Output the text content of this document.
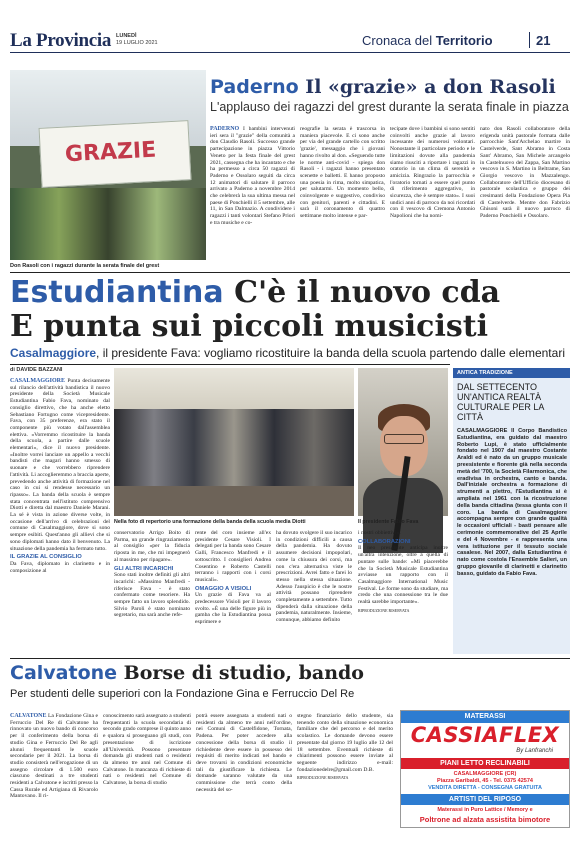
La Provincia LUNEDÌ
19 LUGLIO 2021	Cronaca del Territorio	21
GRAZIE
Don Rasoli con i ragazzi durante la serata finale del grest
Paderno Il «grazie» a don Rasoli
L'applauso dei ragazzi del grest durante la serata finale in piazza
PADERNO I bambini intervenuti ieri sera il "grazie" della comunità a don Claudio Rasoli. Successo grande partecipazione in piazza Vittorio Veneto per la festa finale del grest 2021, cassegna che ha incantato e che ha permesso a circa 50 ragazzi di Paderno e Ossolaro seguiti da circa 12 animatori di salutare il parroco arrivato a Paderno a novembre 2014 che celebrerà la sua ultima messa nel paese di Ponchielli il 5 settembre, alle 11, in San Dalmazio. A condividere i ragazzi i tanti volontari Stefano Priori e tra musiche e co-
reografie la serata è trascorsa in maniera piacevole. E ci sono anche per via del grande cartello con scritto 'grazie', messaggio che i giovani hanno rivolto al don. «Seguendo tutte le norme anti-covid - spiega don Rasoli - i ragazzi hanno presentato scenette e balletti. E hanno proposto una poesia in rima, molto simpatica, per salutarmi. Un momento bello, coinvolgente e suggestivo, condiviso con genitori, parenti e cittadini. E sarà il coronamento di quattro settimane molto intense e par-
tecipate dove i bambini si sono sentiti coinvolti anche grazie al lavoro incessante dei numerosi volontari. Nonostante il particolare periodo e le limitazioni dovute alla pandemia siamo riusciti a riportare i ragazzi in oratorio in un clima di serenità e amicizia. Ringrazio la parrocchia e l'oratorio tornati a essere quel punto di riferimento aggregativo, in sicurezza, che è sempre stato». I suoi undici anni di parroco da noi ricordati con il vescovo di Cremona Antonio Napolioni che ha nomi-
nato don Rasoli collaboratore della erigenda unità pastorale formata dalle parrocchie Sant'Archelao martire in Castelverde, Sant Abramo in Costa Sant' Abramo, San Michele arcangelo in Castelnuovo del Zappa, San Martino vescovo in S. Martino in Beltrame, San Giorgio vescovo in Mazzalengo. Collaboratore dell'Ufficio diocesano di pastorale scolastica e gruppo dei cresimanti della Fondazione Opera Pia di Castelverde. Mentre don Fabrizio Ghisoni sarà il nuovo parroco di Paderno Ponchielli e Ossolaro.
Estudiantina C'è il nuovo cda
E punta sui piccoli musicisti
Casalmaggiore, il presidente Fava: vogliamo ricostituire la banda della scuola partendo dalle elementari
di DAVIDE BAZZANI
CASALMAGGIORE Punta decisamente sul rilancio dell'attività bandistica il nuovo presidente della Società Musicale Estudiantina Fabio Fava, nominato dal consiglio direttivo, che ha anche eletto Sebastiano Fortugno come vicepresidente. Fava, con 35 preferenze, era stato il componente più votato dall'assemblea elettiva. «Vorremmo ricostituire la banda della scuola, a partire dalle scuole elementari», dice il nuovo presidente. «Inoltre vorrei lanciare un appello a vecchi bandisti che magari hanno smesso di suonare e che vorrebbero riprendere l'attività. Li accoglieremmo a braccia aperte, prevedendo anche attività di formazione nel caso in cui si rendesse necessario un ripasso». La banda della scuola è sempre stata concentrata nell'istituto comprensivo Diotti e diretta dal maestro Daniele Marani. La sé è vista in azione diverse volte, in occasione dell'arrivo di celebrazioni del comune di Casalmaggiore, dove si sono sempre esibiti. Quest'anno gli allievi che si sono diplomati hanno dato il benvenuto. La situazione della pandemia ha fermato tutto.
IL GRAZIE AL CONSIGLIO
Da Fava, diplomato in clarinetto e in composizione al
Nella foto di repertorio una formazione della banda della scuola media Diotti	Il presidente Fabio Fava
conservatorio Arrigo Boito di Parma, un grande ringraziamento al consiglio «per la fiducia riposta in me, che mi impegnerò al massimo per ripagare».
GLI ALTRI INCARICHI
Sono stati inoltre definiti gli altri incarichi: «Massimo Manfredi - riferisce Fava - è stato confermato come tesoriere. Ha sempre fatto un lavoro splendido. Silvio Paroli è stato nominato segretario, ma sarà anche refe-
rente del coro insieme all'ex presidente Cesare Visioli. I delegati per la banda sono Cesare Galli, Francesco Manfredi e il sottoscritto. I consiglieri Andrea Cosentino e Roberto Castelli terranno i rapporti con i corsi musicali».
OMAGGIO A VISIOLI
Un grazie di Fava va al predecessore Visioli per il lavoro svolto. «È una delle figure più in gamba che la Estudiantina possa esprimere e
ha dovuto svolgere il suo incarico in condizioni difficili a causa della pandemia. Ha dovuto assumere decisioni impopolari, come la chiusura dei corsi, ma non c'era alternativa viste le prescrizioni. Avrei fatto e farei lo stesso nella stessa situazione. Adesso l'auspicio è che le nostre attività possano riprendere completamente a settembre. Tutto dipenderà dalla situazione della pandemia, naturalmente. Insieme, comunque, abbiamo definito
i nostri obbiettivi».
COLLABORAZIONI
Il neo presidente anticipa inoltre un'altra intenzione, oltre a quella di puntare sulle bande: «Mi piacerebbe che la Società Musicale Estudiantina avviasse un rapporto con il Casalmaggiore International Music Festival. Le forme sono da studiare, ma credo che una connessione tra le due realtà sarebbe importante».
RIPRODUZIONE RISERVATA
ANTICA TRADIZIONE
DAL SETTECENTO UN'ANTICA REALTÀ CULTURALE PER LA CITTÀ
CASALMAGGIORE Il Corpo Bandistico Estudiantina, era guidato dal maestro Roberto Lupi, è stato ufficialmente fondato nel 1907 dal maestro Costante Araldi ed è nato da un gruppo musicale preesistente e fiorente già nella seconda metà del '700, la Società Filarmonica, che eradivisa in orchestra, canto e banda. Dall'iniziale orchestra a formazione di strumenti a plettro, l'Estudiantina si è ampliata nel 1961 con la ricostruzione della banda cittadina (tessa giunta con il coro. La banda di Casalmaggiore accompagna sempre con grande qualità le occasioni ufficiali - basti pensare alle cerimonie commemorative del 25 Aprile e del 4 Novembre - e rappresenta una vera istituzione per il tessuto sociale casalese. Nel 2007, dalla Estudiantina è nato come costola l'Ensemble Salieri, un gruppo giovanile di clarinetti e clarinetto basso, guidato da Fabio Fava.
Calvatone Borse di studio, bando
Per studenti delle superiori con la Fondazione Gina e Ferruccio Del Re
CALVATONE La Fondazione Gina e Ferruccio Del Re di Calvatone ha rinnovato un nuovo bando di concorso per il conferimento della borsa di studio Gina e Ferruccio Del Re agli alunni frequentanti le scuole secondarie per il 2021. La borsa di studio consisterà nell'erogazione di un assegno circolare di 1.500 euro ciascuno destinati a tre studenti residenti a Calvatone e iscritti presso la Cassa Rurale ed Artigiana di Rivarolo Mantovano. Il ri-
conoscimento sarà assegnato a studenti frequentanti la scuola secondaria di secondo grado comprese il quinto anno e qualora si proseguano gli studi, con presentazione di iscrizione all'Università. Possono presentare domanda gli studenti nati o residenti da almeno tre anni nel Comune di Calvatone. In mancanza di richieste di nati o residenti nel Comune di Calvatone, la borsa di studio
potrà essere assegnata a studenti nati o residenti da almeno tre anni nell'ordine, nei Comuni di Castelfidone, Tornata, Padena. Per poter accedere alla concessione della borsa di studio il richiedente deve essere in possesso dei requisiti di merito indicati nel bando e deve trovarsi in condizioni economiche tali da giustificare la richiesta. Le domande saranno valutate da una commissione che terrà conto della necessità del so-
stegno finanziario dello studente, sia tenendo conto della situazione economica familiare che del percorso e del merito scolastico. Le domande devono essere presentate dal giorno 19 luglio alle 12 del 18 settembre. Eventuali richieste di chiarimenti possono essere inviate al seguente indirizzo e-mail: fondazionedelre@gmail.com D.B.
RIPRODUZIONE RISERVATA
MATERASSI
CASSIAFLEX
By Lanfranchi
PIANI LETTO RECLINABILI
CASALMAGGIORE (CR)
Piazza Garibaldi, 45 - Tel. 0375 42574
VENDITA DIRETTA - CONSEGNA GRATUITA
ARTISTI DEL RIPOSO
Materassi in Puro Lattice / Memory e
Poltrone ad alzata assistita bimotore
